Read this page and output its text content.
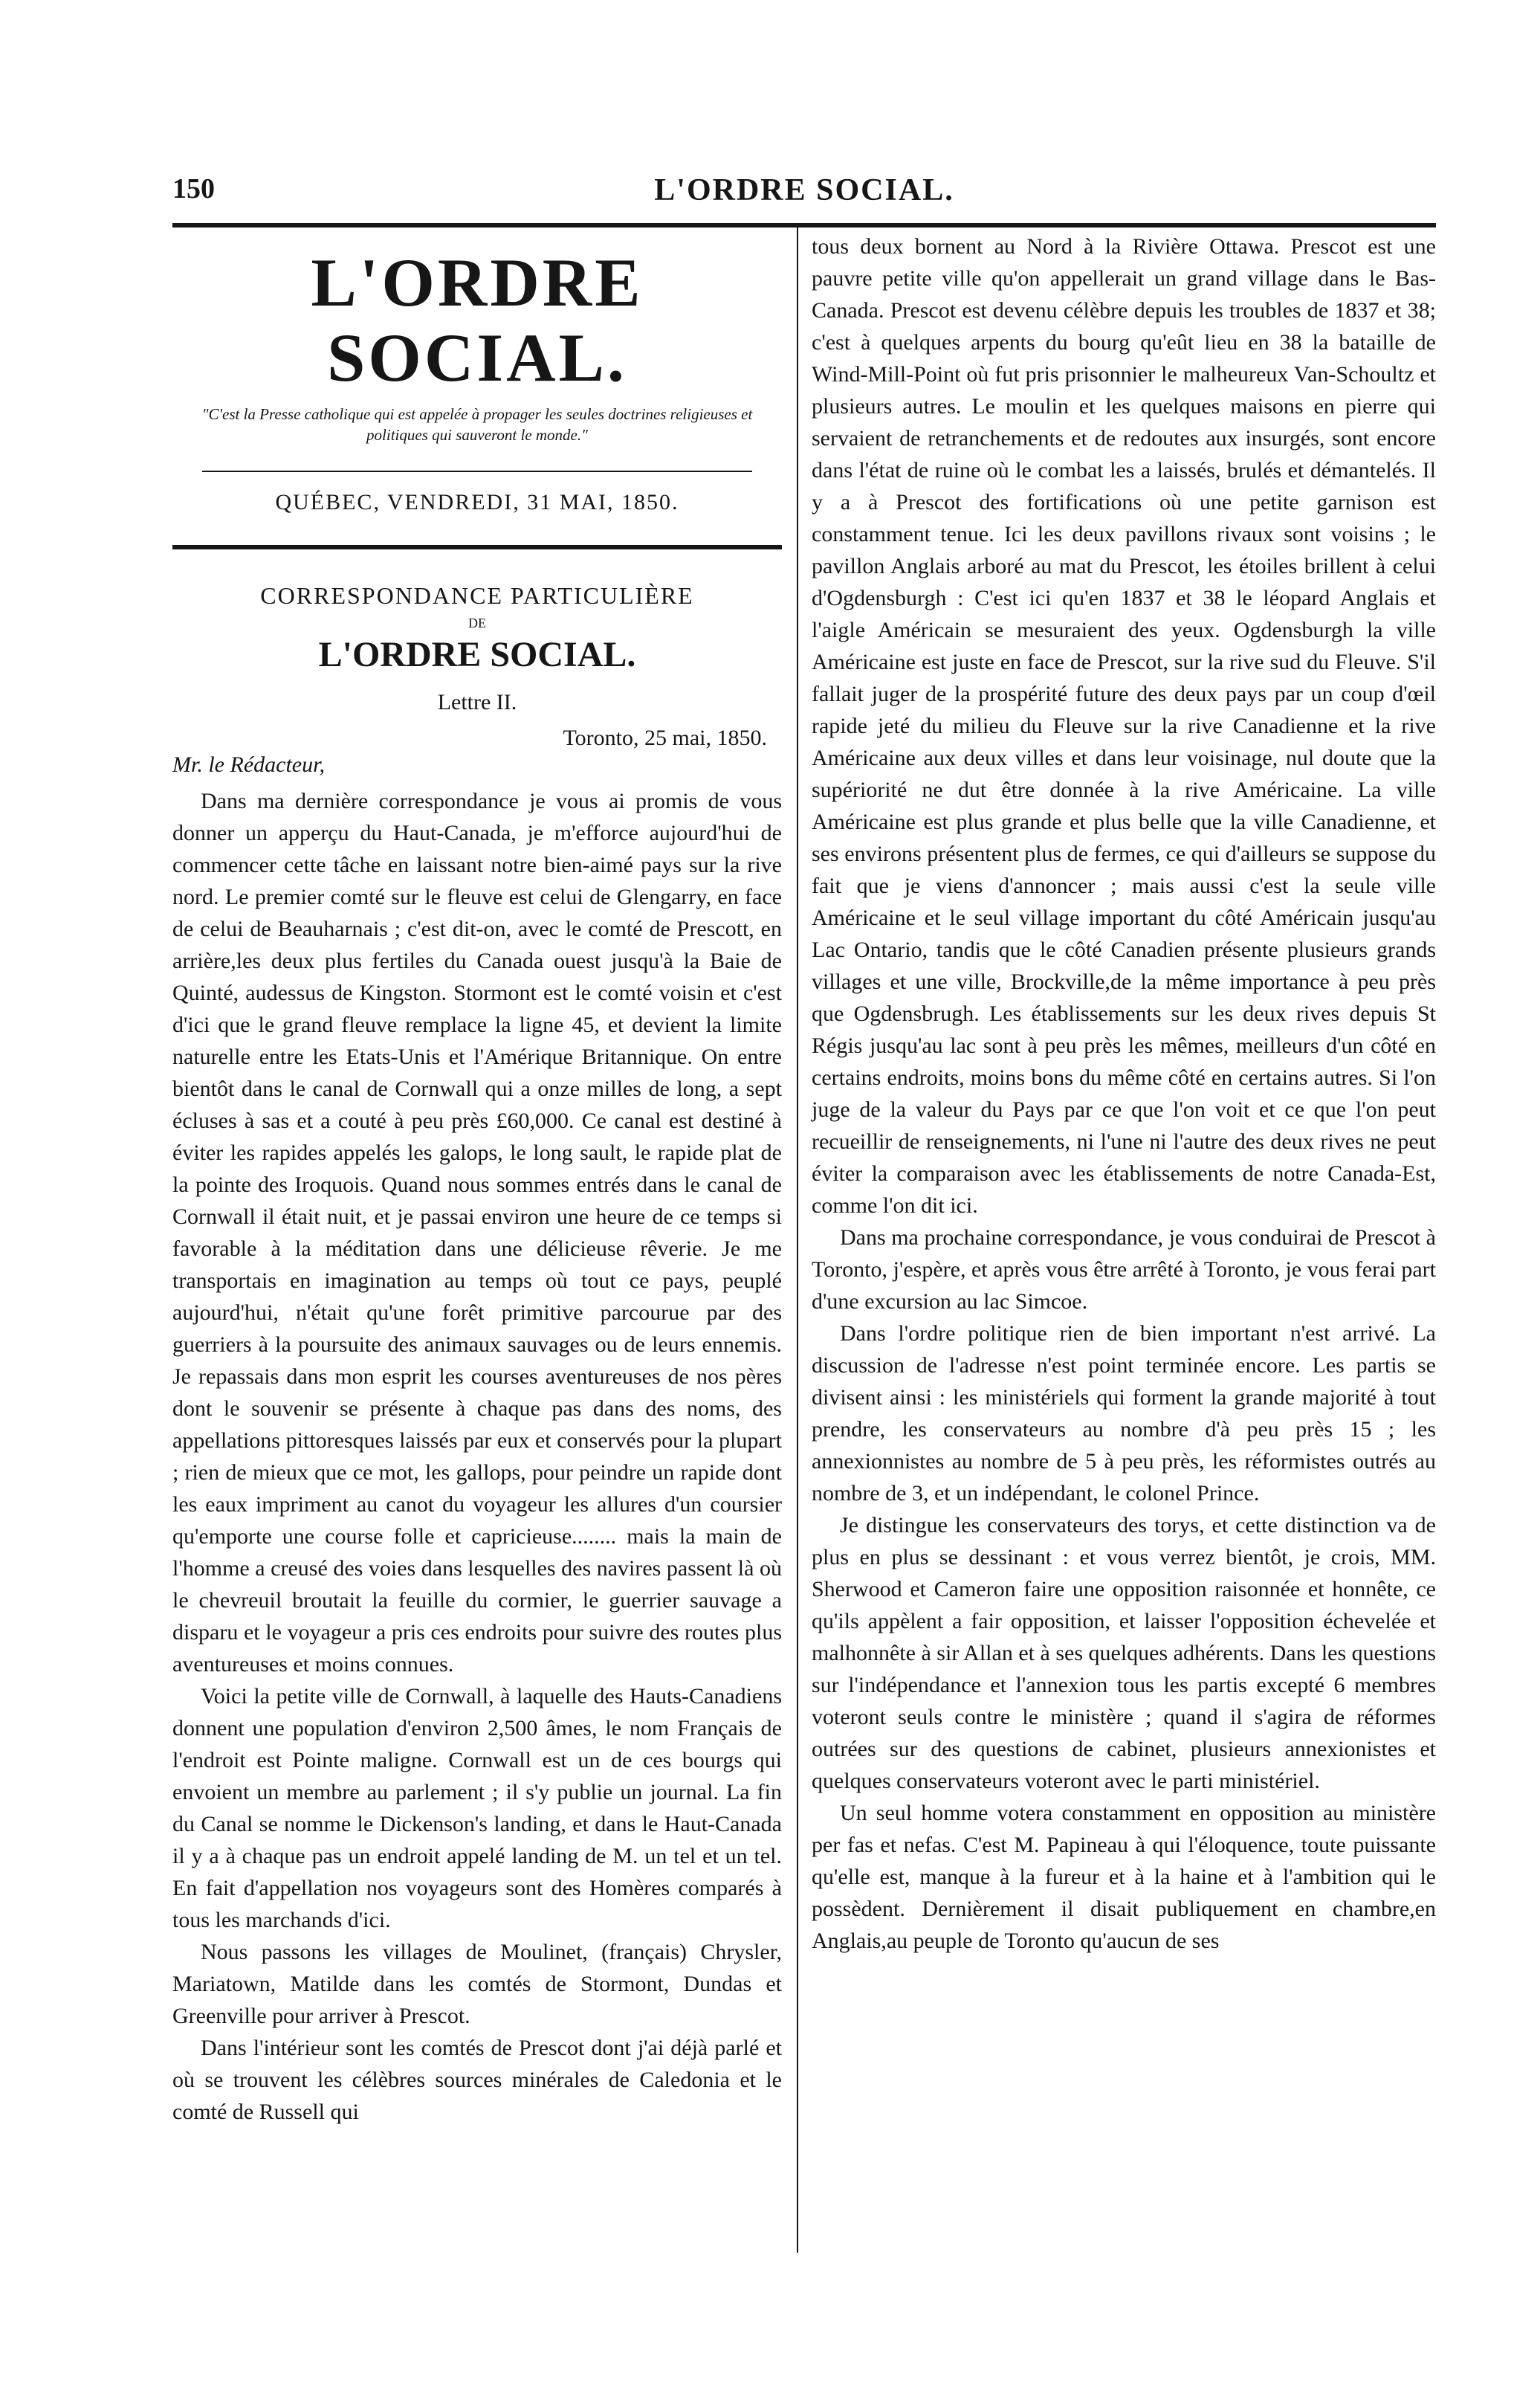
150	L'ORDRE SOCIAL.
L'ORDRE SOCIAL.
"C'est la Presse catholique qui est appelée à propager les seules doctrines religieuses et politiques qui sauveront le monde."
QUÉBEC, VENDREDI, 31 MAI, 1850.
CORRESPONDANCE PARTICULIÈRE
DE
L'ORDRE SOCIAL.
Lettre II.
Toronto, 25 mai, 1850.
Mr. le Rédacteur,

Dans ma dernière correspondance je vous ai promis de vous donner un apperçu du Haut-Canada, je m'efforce aujourd'hui de commencer cette tâche en laissant notre bien-aimé pays sur la rive nord. Le premier comté sur le fleuve est celui de Glengarry, en face de celui de Beauharnais ; c'est dit-on, avec le comté de Prescott, en arrière,les deux plus fertiles du Canada ouest jusqu'à la Baie de Quinté, audessus de Kingston. Stormont est le comté voisin et c'est d'ici que le grand fleuve remplace la ligne 45, et devient la limite naturelle entre les Etats-Unis et l'Amérique Britannique. On entre bientôt dans le canal de Cornwall qui a onze milles de long, a sept écluses à sas et a couté à peu près £60,000. Ce canal est destiné à éviter les rapides appelés les galops, le long sault, le rapide plat de la pointe des Iroquois. Quand nous sommes entrés dans le canal de Cornwall il était nuit, et je passai environ une heure de ce temps si favorable à la méditation dans une délicieuse rêverie. Je me transportais en imagination au temps où tout ce pays, peuplé aujourd'hui, n'était qu'une forêt primitive parcourue par des guerriers à la poursuite des animaux sauvages ou de leurs ennemis. Je repassais dans mon esprit les courses aventureuses de nos pères dont le souvenir se présente à chaque pas dans des noms, des appellations pittoresques laissés par eux et conservés pour la plupart ; rien de mieux que ce mot, les gallops, pour peindre un rapide dont les eaux impriment au canot du voyageur les allures d'un coursier qu'emporte une course folle et capricieuse........ mais la main de l'homme a creusé des voies dans lesquelles des navires passent là où le chevreuil broutait la feuille du cormier, le guerrier sauvage a disparu et le voyageur a pris ces endroits pour suivre des routes plus aventureuses et moins connues.

Voici la petite ville de Cornwall, à laquelle des Hauts-Canadiens donnent une population d'environ 2,500 âmes, le nom Français de l'endroit est Pointe maligne. Cornwall est un de ces bourgs qui envoient un membre au parlement ; il s'y publie un journal. La fin du Canal se nomme le Dickenson's landing, et dans le Haut-Canada il y a à chaque pas un endroit appelé landing de M. un tel et un tel. En fait d'appellation nos voyageurs sont des Homères comparés à tous les marchands d'ici.

Nous passons les villages de Moulinet, (français) Chrysler, Mariatown, Matilde dans les comtés de Stormont, Dundas et Greenville pour arriver à Prescot.

Dans l'intérieur sont les comtés de Prescot dont j'ai déjà parlé et où se trouvent les célèbres sources minérales de Caledonia et le comté de Russell qui

tous deux bornent au Nord à la Rivière Ottawa. Prescot est une pauvre petite ville qu'on appellerait un grand village dans le Bas-Canada. Prescot est devenu célèbre depuis les troubles de 1837 et 38; c'est à quelques arpents du bourg qu'eût lieu en 38 la bataille de Wind-Mill-Point où fut pris prisonnier le malheureux Van-Schoultz et plusieurs autres. Le moulin et les quelques maisons en pierre qui servaient de retranchements et de redoutes aux insurgés, sont encore dans l'état de ruine où le combat les a laissés, brulés et démantelés. Il y a à Prescot des fortifications où une petite garnison est constamment tenue. Ici les deux pavillons rivaux sont voisins ; le pavillon Anglais arboré au mat du Prescot, les étoiles brillent à celui d'Ogdensburgh : C'est ici qu'en 1837 et 38 le léopard Anglais et l'aigle Américain se mesuraient des yeux. Ogdensburgh la ville Américaine est juste en face de Prescot, sur la rive sud du Fleuve. S'il fallait juger de la prospérité future des deux pays par un coup d'œil rapide jeté du milieu du Fleuve sur la rive Canadienne et la rive Américaine aux deux villes et dans leur voisinage, nul doute que la supériorité ne dut être donnée à la rive Américaine. La ville Américaine est plus grande et plus belle que la ville Canadienne, et ses environs présentent plus de fermes, ce qui d'ailleurs se suppose du fait que je viens d'annoncer ; mais aussi c'est la seule ville Américaine et le seul village important du côté Américain jusqu'au Lac Ontario, tandis que le côté Canadien présente plusieurs grands villages et une ville, Brockville,de la même importance à peu près que Ogdensbrugh. Les établissements sur les deux rives depuis St Régis jusqu'au lac sont à peu près les mêmes, meilleurs d'un côté en certains endroits, moins bons du même côté en certains autres. Si l'on juge de la valeur du Pays par ce que l'on voit et ce que l'on peut recueillir de renseignements, ni l'une ni l'autre des deux rives ne peut éviter la comparaison avec les établissements de notre Canada-Est, comme l'on dit ici.

Dans ma prochaine correspondance, je vous conduirai de Prescot à Toronto, j'espère, et après vous être arrêté à Toronto, je vous ferai part d'une excursion au lac Simcoe.

Dans l'ordre politique rien de bien important n'est arrivé. La discussion de l'adresse n'est point terminée encore. Les partis se divisent ainsi : les ministériels qui forment la grande majorité à tout prendre, les conservateurs au nombre d'à peu près 15 ; les annexionnistes au nombre de 5 à peu près, les réformistes outrés au nombre de 3, et un indépendant, le colonel Prince.

Je distingue les conservateurs des torys, et cette distinction va de plus en plus se dessinant : et vous verrez bientôt, je crois, MM. Sherwood et Cameron faire une opposition raisonnée et honnête, ce qu'ils appèlent a fair opposition, et laisser l'opposition échevelée et malhonnête à sir Allan et à ses quelques adhérents. Dans les questions sur l'indépendance et l'annexion tous les partis excepté 6 membres voteront seuls contre le ministère ; quand il s'agira de réformes outrées sur des questions de cabinet, plusieurs annexionistes et quelques conservateurs voteront avec le parti ministériel.

Un seul homme votera constamment en opposition au ministère per fas et nefas. C'est M. Papineau à qui l'éloquence, toute puissante qu'elle est, manque à la fureur et à la haine et à l'ambition qui le possèdent. Dernièrement il disait publiquement en chambre,en Anglais,au peuple de Toronto qu'aucun de ses
